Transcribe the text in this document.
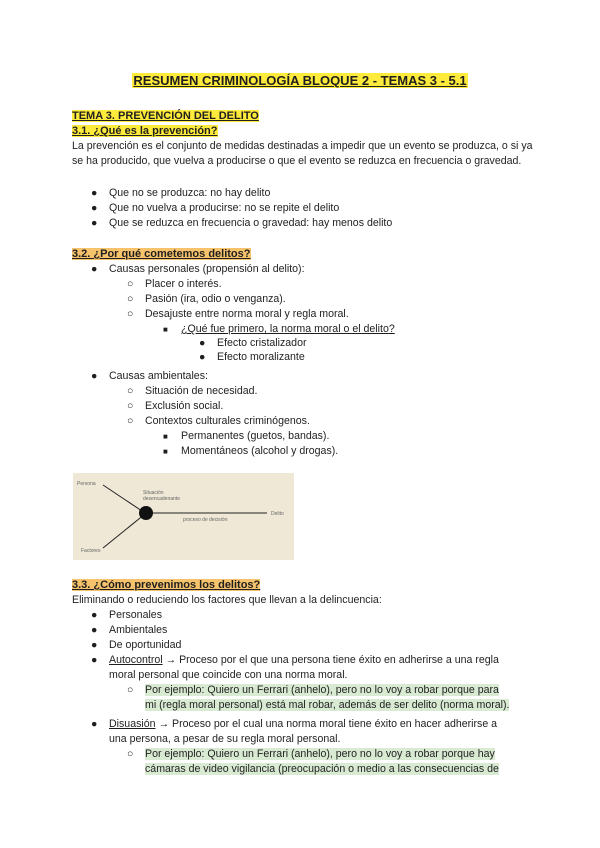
RESUMEN CRIMINOLOGÍA BLOQUE 2 - TEMAS 3 - 5.1
TEMA 3. PREVENCIÓN DEL DELITO
3.1. ¿Qué es la prevención?
La prevención es el conjunto de medidas destinadas a impedir que un evento se produzca, o si ya se ha producido, que vuelva a producirse o que el evento se reduzca en frecuencia o gravedad.
● Que no se produzca: no hay delito
● Que no vuelva a producirse: no se repite el delito
● Que se reduzca en frecuencia o gravedad: hay menos delito
3.2. ¿Por qué cometemos delitos?
● Causas personales (propensión al delito):
○ Placer o interés.
○ Pasión (ira, odio o venganza).
○ Desajuste entre norma moral y regla moral.
■ ¿Qué fue primero, la norma moral o el delito?
● Efecto cristalizador
● Efecto moralizante
● Causas ambientales:
○ Situación de necesidad.
○ Exclusión social.
○ Contextos culturales criminógenos.
■ Permanentes (guetos, bandas).
■ Momentáneos (alcohol y drogas).
Persona
Situación
desencadenante
proceso de decisión
Delito
Factores
3.3. ¿Cómo prevenimos los delitos?
Eliminando o reduciendo los factores que llevan a la delincuencia:
● Personales
● Ambientales
● De oportunidad
● Autocontrol → Proceso por el que una persona tiene éxito en adherirse a una regla
moral personal que coincide con una norma moral.
○ Por ejemplo: Quiero un Ferrari (anhelo), pero no lo voy a robar porque para
mi (regla moral personal) está mal robar, además de ser delito (norma moral).
● Disuasión → Proceso por el cual una norma moral tiene éxito en hacer adherirse a
una persona, a pesar de su regla moral personal.
○ Por ejemplo: Quiero un Ferrari (anhelo), pero no lo voy a robar porque hay
cámaras de video vigilancia (preocupación o medio a las consecuencias de
